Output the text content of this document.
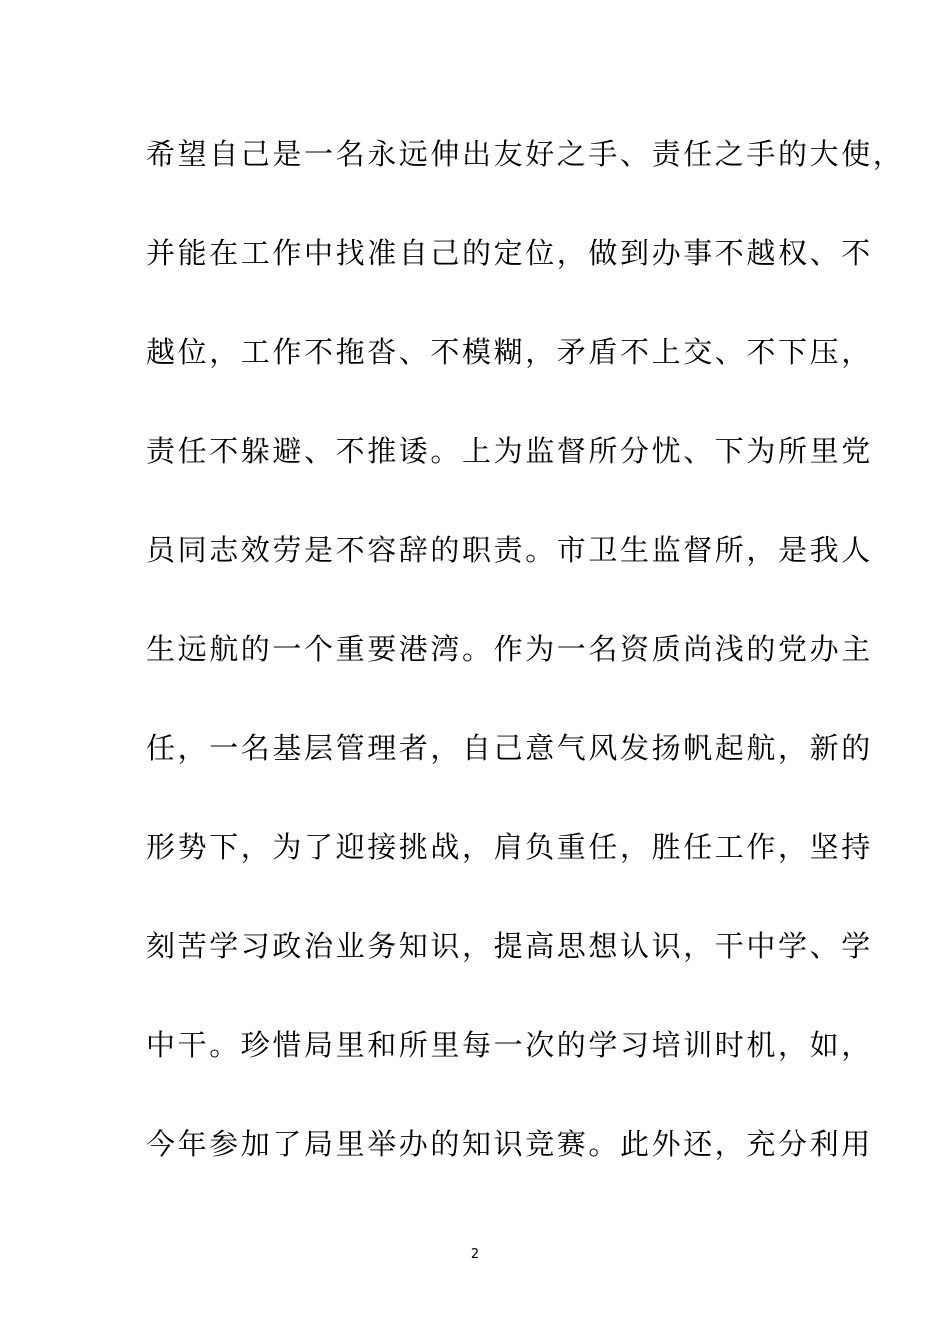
希望自己是一名永远伸出友好之手、责任之手的大使，
并能在工作中找准自己的定位，做到办事不越权、不
越位，工作不拖沓、不模糊，矛盾不上交、不下压，
责任不躲避、不推诿。上为监督所分忧、下为所里党
员同志效劳是不容辞的职责。市卫生监督所，是我人
生远航的一个重要港湾。作为一名资质尚浅的党办主
任，一名基层管理者，自己意气风发扬帆起航，新的
形势下，为了迎接挑战，肩负重任，胜任工作，坚持
刻苦学习政治业务知识，提高思想认识，干中学、学
中干。珍惜局里和所里每一次的学习培训时机，如，
今年参加了局里举办的知识竞赛。此外还，充分利用
2
